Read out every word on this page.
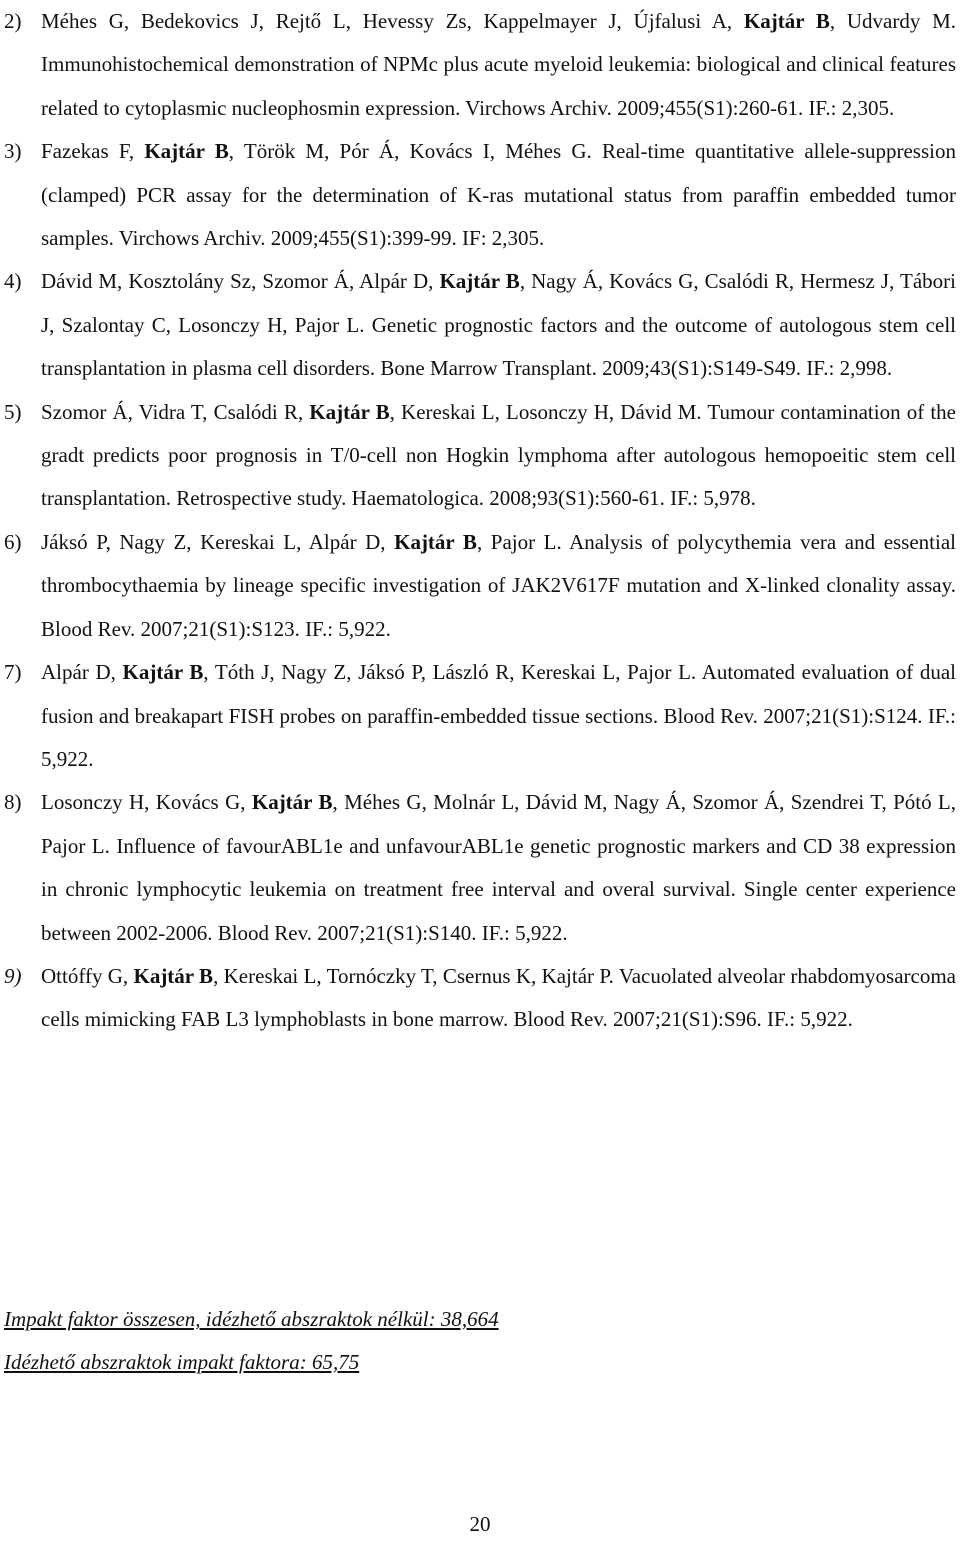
2) Méhes G, Bedekovics J, Rejtő L, Hevessy Zs, Kappelmayer J, Újfalusi A, Kajtár B, Udvardy M. Immunohistochemical demonstration of NPMc plus acute myeloid leukemia: biological and clinical features related to cytoplasmic nucleophosmin expression. Virchows Archiv. 2009;455(S1):260-61. IF.: 2,305.
3) Fazekas F, Kajtár B, Török M, Pór Á, Kovács I, Méhes G. Real-time quantitative allele-suppression (clamped) PCR assay for the determination of K-ras mutational status from paraffin embedded tumor samples. Virchows Archiv. 2009;455(S1):399-99. IF: 2,305.
4) Dávid M, Kosztolány Sz, Szomor Á, Alpár D, Kajtár B, Nagy Á, Kovács G, Csalódi R, Hermesz J, Tábori J, Szalontay C, Losonczy H, Pajor L. Genetic prognostic factors and the outcome of autologous stem cell transplantation in plasma cell disorders. Bone Marrow Transplant. 2009;43(S1):S149-S49. IF.: 2,998.
5) Szomor Á, Vidra T, Csalódi R, Kajtár B, Kereskai L, Losonczy H, Dávid M. Tumour contamination of the gradt predicts poor prognosis in T/0-cell non Hogkin lymphoma after autologous hemopoeitic stem cell transplantation. Retrospective study. Haematologica. 2008;93(S1):560-61. IF.: 5,978.
6) Jáksó P, Nagy Z, Kereskai L, Alpár D, Kajtár B, Pajor L. Analysis of polycythemia vera and essential thrombocythaemia by lineage specific investigation of JAK2V617F mutation and X-linked clonality assay. Blood Rev. 2007;21(S1):S123. IF.: 5,922.
7) Alpár D, Kajtár B, Tóth J, Nagy Z, Jáksó P, László R, Kereskai L, Pajor L. Automated evaluation of dual fusion and breakapart FISH probes on paraffin-embedded tissue sections. Blood Rev. 2007;21(S1):S124. IF.: 5,922.
8) Losonczy H, Kovács G, Kajtár B, Méhes G, Molnár L, Dávid M, Nagy Á, Szomor Á, Szendrei T, Pótó L, Pajor L. Influence of favourABL1e and unfavourABL1e genetic prognostic markers and CD 38 expression in chronic lymphocytic leukemia on treatment free interval and overal survival. Single center experience between 2002-2006. Blood Rev. 2007;21(S1):S140. IF.: 5,922.
9) Ottóffy G, Kajtár B, Kereskai L, Tornóczky T, Csernus K, Kajtár P. Vacuolated alveolar rhabdomyosarcoma cells mimicking FAB L3 lymphoblasts in bone marrow. Blood Rev. 2007;21(S1):S96. IF.: 5,922.
Impakt faktor összesen, idézhető abszraktok nélkül: 38,664
Idézhető abszraktok impakt faktora: 65,75
20
